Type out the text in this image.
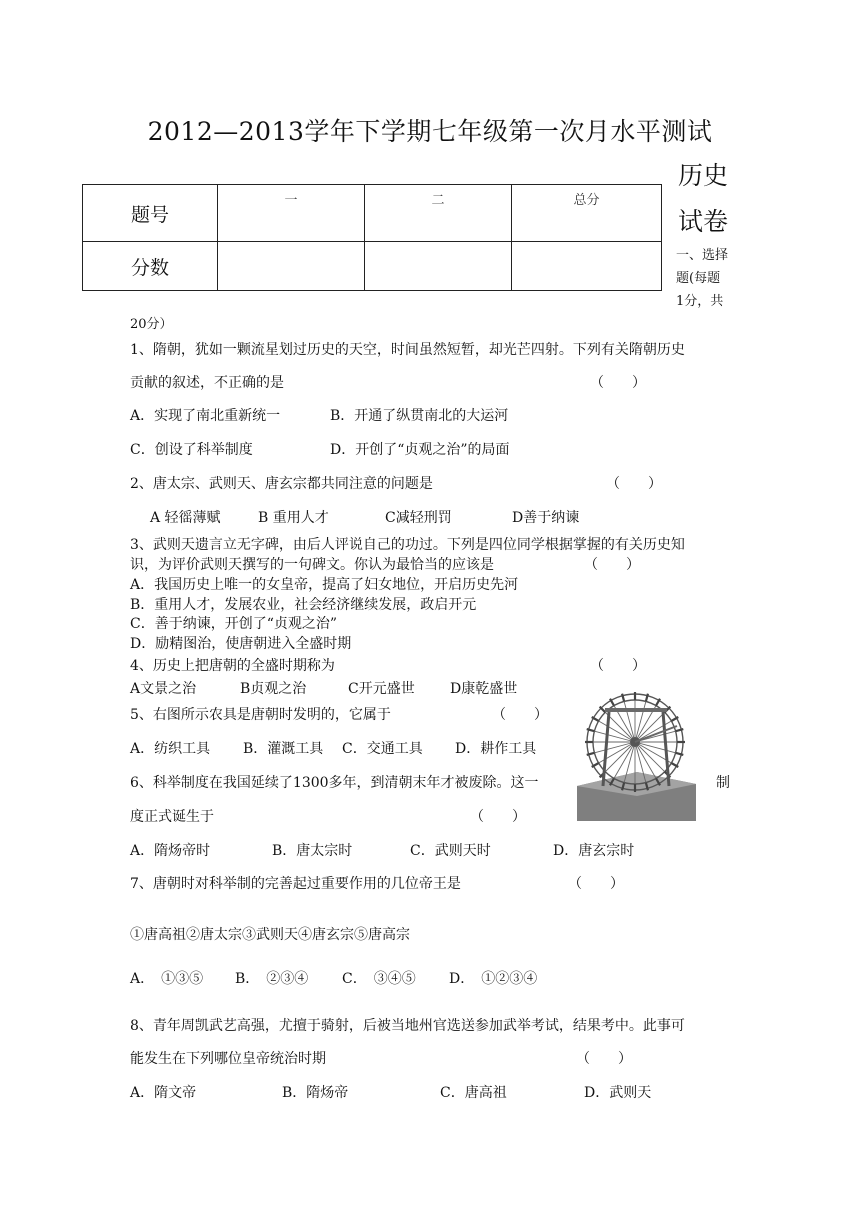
2012—2013学年下学期七年级第一次月水平测试
历史
试卷
一、选择
题(每题
1分，共
20分）
题号	一	二	总分
分数			
1、隋朝，犹如一颗流星划过历史的天空，时间虽然短暂，却光芒四射。下列有关隋朝历史
贡献的叙述，不正确的是	（　　）
A．实现了南北重新统一	B．开通了纵贯南北的大运河
C．创设了科举制度	D．开创了“贞观之治”的局面
2、唐太宗、武则天、唐玄宗都共同注意的问题是	（　　）
A 轻徭薄赋	B 重用人才	C减轻刑罚	D善于纳谏
3、武则天遗言立无字碑，由后人评说自己的功过。下列是四位同学根据掌握的有关历史知
识，为评价武则天撰写的一句碑文。你认为最恰当的应该是	（　　）
A．我国历史上唯一的女皇帝，提高了妇女地位，开启历史先河
B．重用人才，发展农业，社会经济继续发展，政启开元
C．善于纳谏，开创了“贞观之治”
D．励精图治，使唐朝进入全盛时期
4、历史上把唐朝的全盛时期称为	（　　）
A文景之治	B贞观之治	C开元盛世	D康乾盛世
5、右图所示农具是唐朝时发明的，它属于	（　　）
A．纺织工具 B．灌溉工具 C．交通工具 D．耕作工具
6、科举制度在我国延续了1300多年，到清朝末年才被废除。这一	制
度正式诞生于	（　　）
A．隋炀帝时	B．唐太宗时	C．武则天时	D．唐玄宗时
7、唐朝时对科举制的完善起过重要作用的几位帝王是	（　　）
①唐高祖②唐太宗③武则天④唐玄宗⑤唐高宗
A．　①③⑤ B．　②③④ C．　③④⑤ D．　①②③④
8、青年周凯武艺高强，尤擅于骑射，后被当地州官选送参加武举考试，结果考中。此事可
能发生在下列哪位皇帝统治时期	（　　）
A．隋文帝	B．隋炀帝	C．唐高祖	D．武则天
